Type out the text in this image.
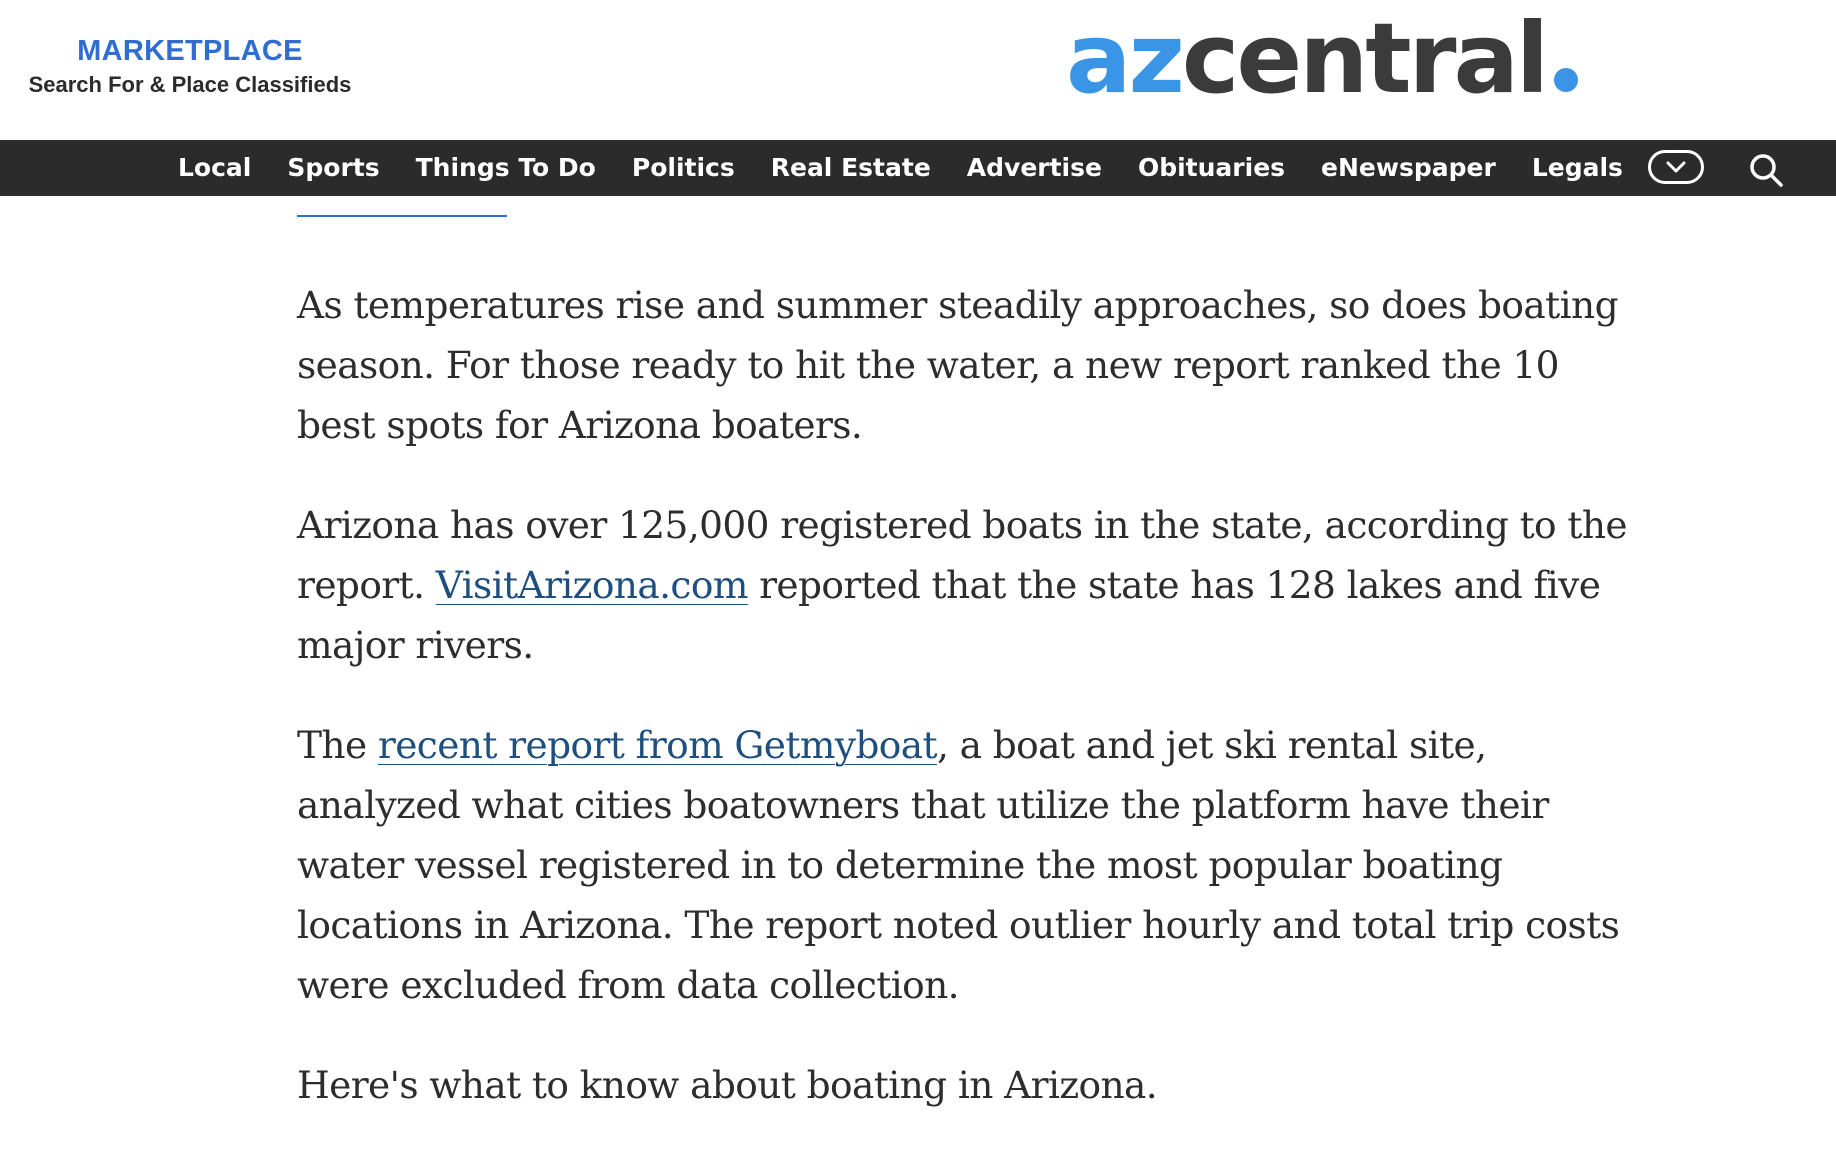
MARKETPLACE
Search For & Place Classifieds	azcentral
Local	Sports	Things To Do	Politics	Real Estate	Advertise	Obituaries	eNewspaper	Legals

As temperatures rise and summer steadily approaches, so does boating season. For those ready to hit the water, a new report ranked the 10 best spots for Arizona boaters.

Arizona has over 125,000 registered boats in the state, according to the report. VisitArizona.com reported that the state has 128 lakes and five major rivers.

The recent report from Getmyboat, a boat and jet ski rental site, analyzed what cities boatowners that utilize the platform have their water vessel registered in to determine the most popular boating locations in Arizona. The report noted outlier hourly and total trip costs were excluded from data collection.

Here's what to know about boating in Arizona.
